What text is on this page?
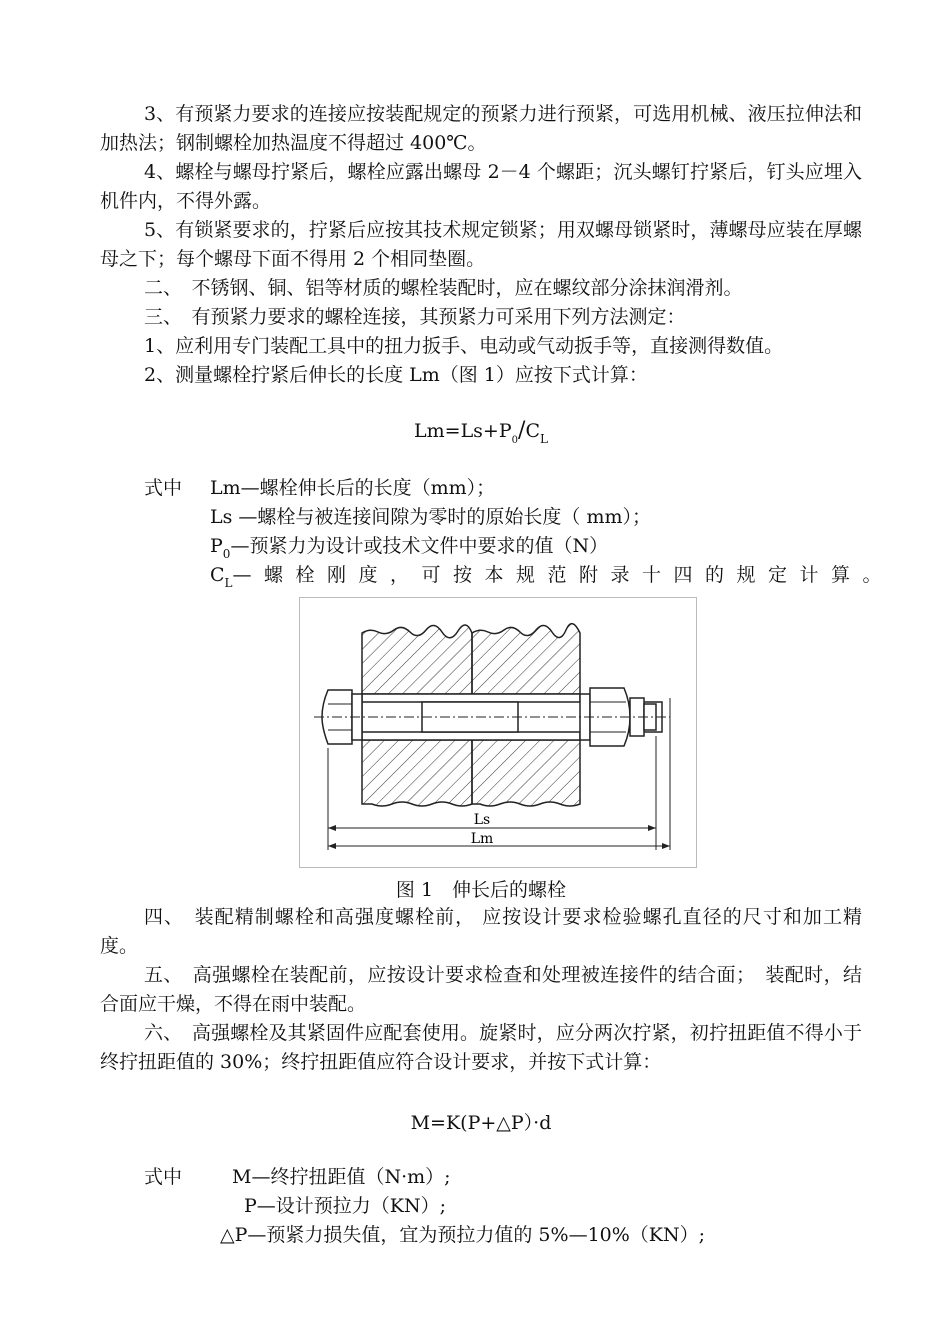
3、有预紧力要求的连接应按装配规定的预紧力进行预紧，可选用机械、液压拉伸法和加热法；钢制螺栓加热温度不得超过 400℃。
4、螺栓与螺母拧紧后，螺栓应露出螺母 2－4 个螺距；沉头螺钉拧紧后，钉头应埋入机件内，不得外露。
5、有锁紧要求的，拧紧后应按其技术规定锁紧；用双螺母锁紧时，薄螺母应装在厚螺母之下；每个螺母下面不得用 2 个相同垫圈。
二、　不锈钢、铜、铝等材质的螺栓装配时，应在螺纹部分涂抹润滑剂。
三、　有预紧力要求的螺栓连接，其预紧力可采用下列方法测定：
1、应利用专门装配工具中的扭力扳手、电动或气动扳手等，直接测得数值。
2、测量螺栓拧紧后伸长的长度 Lm（图 1）应按下式计算：
$Lm=Ls+P_0/C_L$
式中 Lm—螺栓伸长后的长度（mm）；
Ls —螺栓与被连接间隙为零时的原始长度（ mm）；
$P_0—$预紧力为设计或技术文件中要求的值（N）
$C_L—$螺栓刚度，可按本规范附录十四的规定计算。
Ls
Lm
图 1　伸长后的螺栓
四、　装配精制螺栓和高强度螺栓前， 应按设计要求检验螺孔直径的尺寸和加工精度。
五、　高强螺栓在装配前，应按设计要求检查和处理被连接件的结合面；　装配时，结合面应干燥，不得在雨中装配。
六、　高强螺栓及其紧固件应配套使用。旋紧时，应分两次拧紧，初拧扭距值不得小于终拧扭距值的 30%；终拧扭距值应符合设计要求，并按下式计算：
M=K(P+△P）·d
式中	M—终拧扭距值（N·m）;
P—设计预拉力（KN）;
△P—预紧力损失值，宜为预拉力值的 5%—10%（KN）;
